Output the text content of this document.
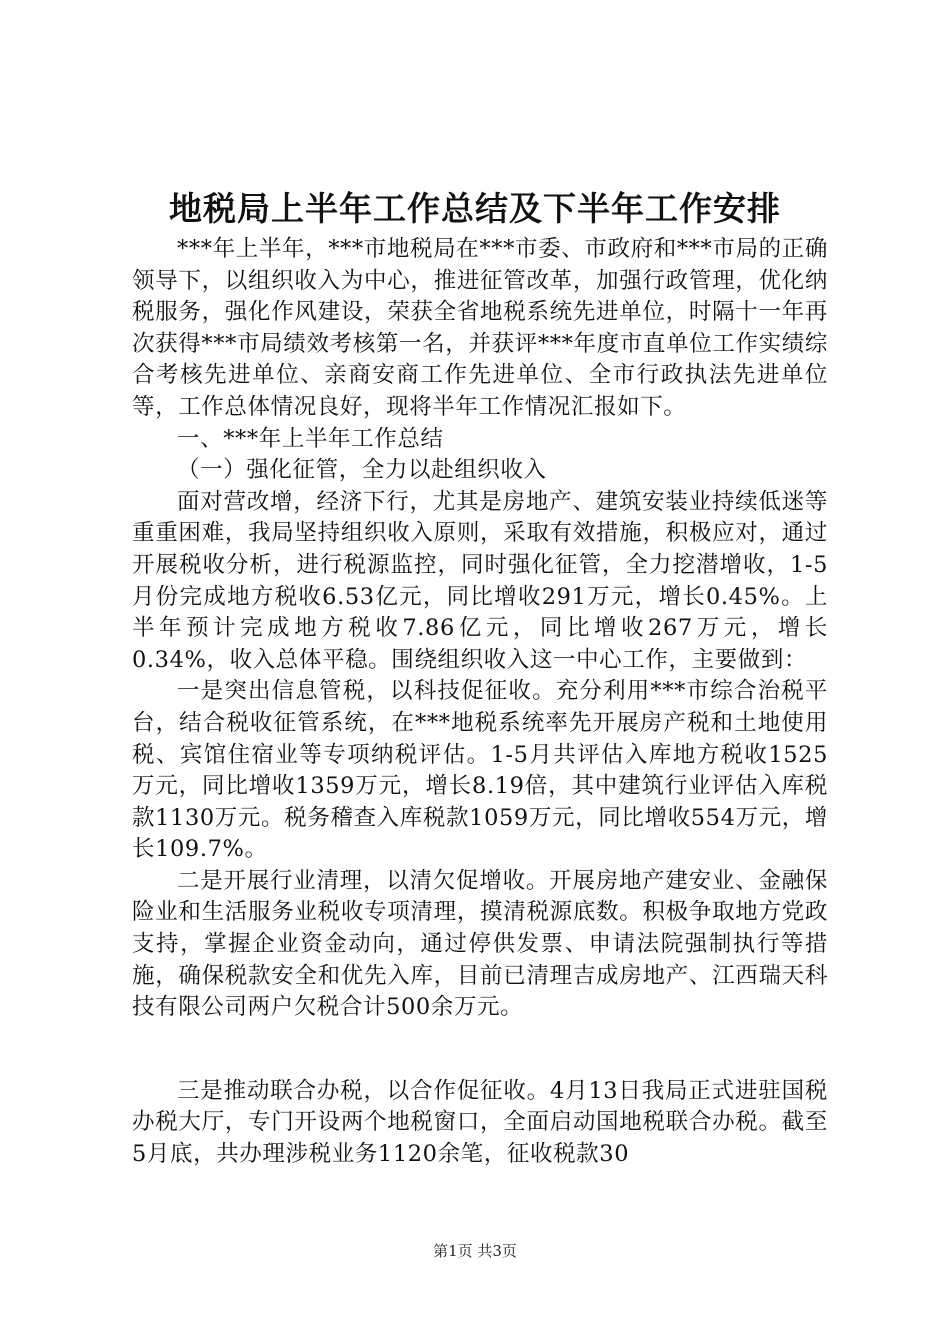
地税局上半年工作总结及下半年工作安排

***年上半年，***市地税局在***市委、市政府和***市局的正确领导下，以组织收入为中心，推进征管改革，加强行政管理，优化纳税服务，强化作风建设，荣获全省地税系统先进单位，时隔十一年再次获得***市局绩效考核第一名，并获评***年度市直单位工作实绩综合考核先进单位、亲商安商工作先进单位、全市行政执法先进单位等，工作总体情况良好，现将半年工作情况汇报如下。

一、***年上半年工作总结

（一）强化征管，全力以赴组织收入

面对营改增，经济下行，尤其是房地产、建筑安装业持续低迷等重重困难，我局坚持组织收入原则，采取有效措施，积极应对，通过开展税收分析，进行税源监控，同时强化征管，全力挖潜增收，1-5月份完成地方税收6.53亿元，同比增收291万元，增长0.45%。上半年预计完成地方税收7.86亿元，同比增收267万元，增长0.34%，收入总体平稳。围绕组织收入这一中心工作，主要做到：

一是突出信息管税，以科技促征收。充分利用***市综合治税平台，结合税收征管系统，在***地税系统率先开展房产税和土地使用税、宾馆住宿业等专项纳税评估。1-5月共评估入库地方税收1525万元，同比增收1359万元，增长8.19倍，其中建筑行业评估入库税款1130万元。税务稽查入库税款1059万元，同比增收554万元，增长109.7%。

二是开展行业清理，以清欠促增收。开展房地产建安业、金融保险业和生活服务业税收专项清理，摸清税源底数。积极争取地方党政支持，掌握企业资金动向，通过停供发票、申请法院强制执行等措施，确保税款安全和优先入库，目前已清理吉成房地产、江西瑞天科技有限公司两户欠税合计500余万元。

三是推动联合办税，以合作促征收。4月13日我局正式进驻国税办税大厅，专门开设两个地税窗口，全面启动国地税联合办税。截至5月底，共办理涉税业务1120余笔，征收税款30

第1页 共3页
